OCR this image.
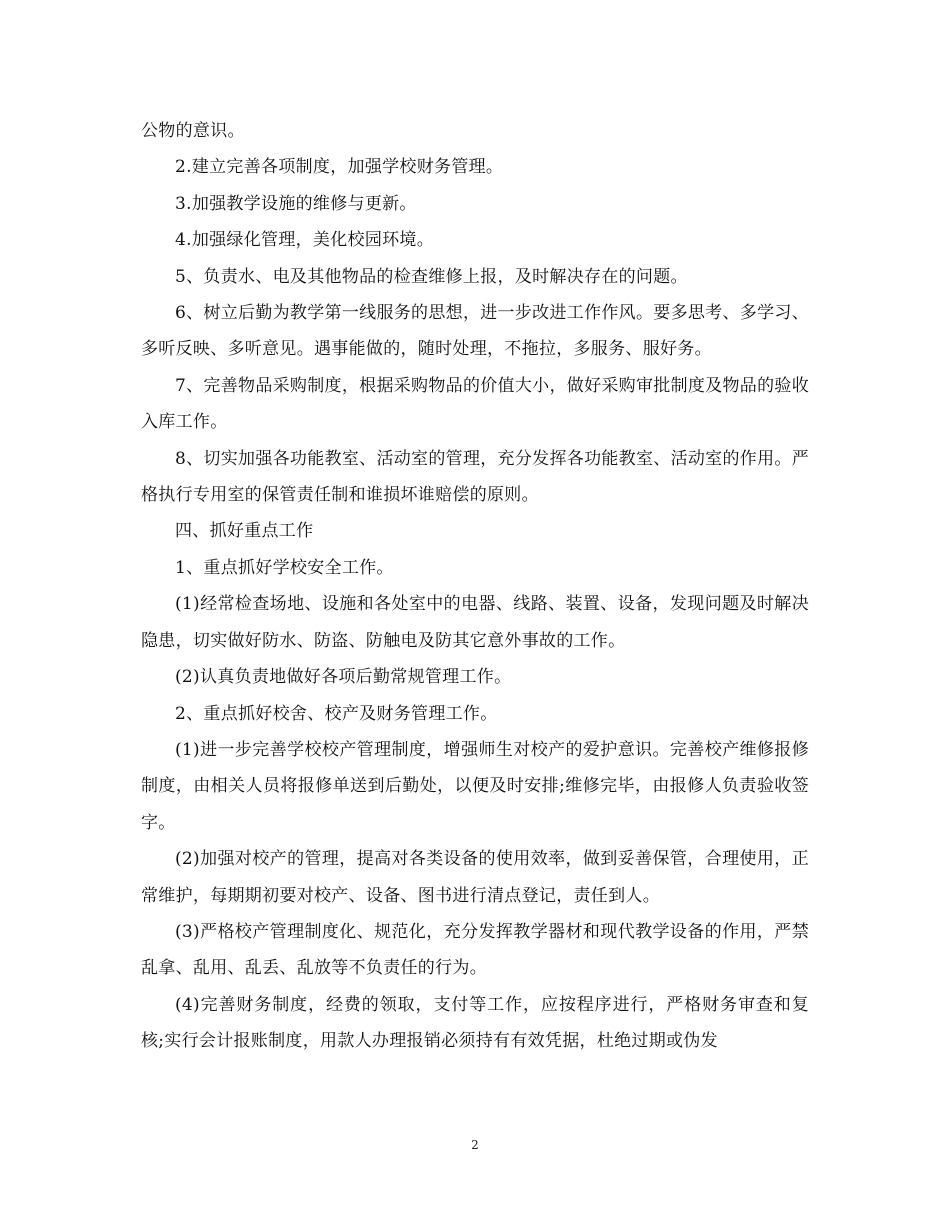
公物的意识。

2.建立完善各项制度，加强学校财务管理。

3.加强教学设施的维修与更新。

4.加强绿化管理，美化校园环境。

5、负责水、电及其他物品的检查维修上报，及时解决存在的问题。

6、树立后勤为教学第一线服务的思想，进一步改进工作作风。要多思考、多学习、多听反映、多听意见。遇事能做的，随时处理，不拖拉，多服务、服好务。

7、完善物品采购制度，根据采购物品的价值大小，做好采购审批制度及物品的验收入库工作。

8、切实加强各功能教室、活动室的管理，充分发挥各功能教室、活动室的作用。严格执行专用室的保管责任制和谁损坏谁赔偿的原则。

四、抓好重点工作

1、重点抓好学校安全工作。

(1)经常检查场地、设施和各处室中的电器、线路、装置、设备，发现问题及时解决隐患，切实做好防水、防盗、防触电及防其它意外事故的工作。

(2)认真负责地做好各项后勤常规管理工作。

2、重点抓好校舍、校产及财务管理工作。

(1)进一步完善学校校产管理制度，增强师生对校产的爱护意识。完善校产维修报修制度，由相关人员将报修单送到后勤处，以便及时安排;维修完毕，由报修人负责验收签字。

(2)加强对校产的管理，提高对各类设备的使用效率，做到妥善保管，合理使用，正常维护，每期期初要对校产、设备、图书进行清点登记，责任到人。

(3)严格校产管理制度化、规范化，充分发挥教学器材和现代教学设备的作用，严禁乱拿、乱用、乱丢、乱放等不负责任的行为。

(4)完善财务制度，经费的领取，支付等工作，应按程序进行，严格财务审查和复核;实行会计报账制度，用款人办理报销必须持有有效凭据，杜绝过期或伪发

2
